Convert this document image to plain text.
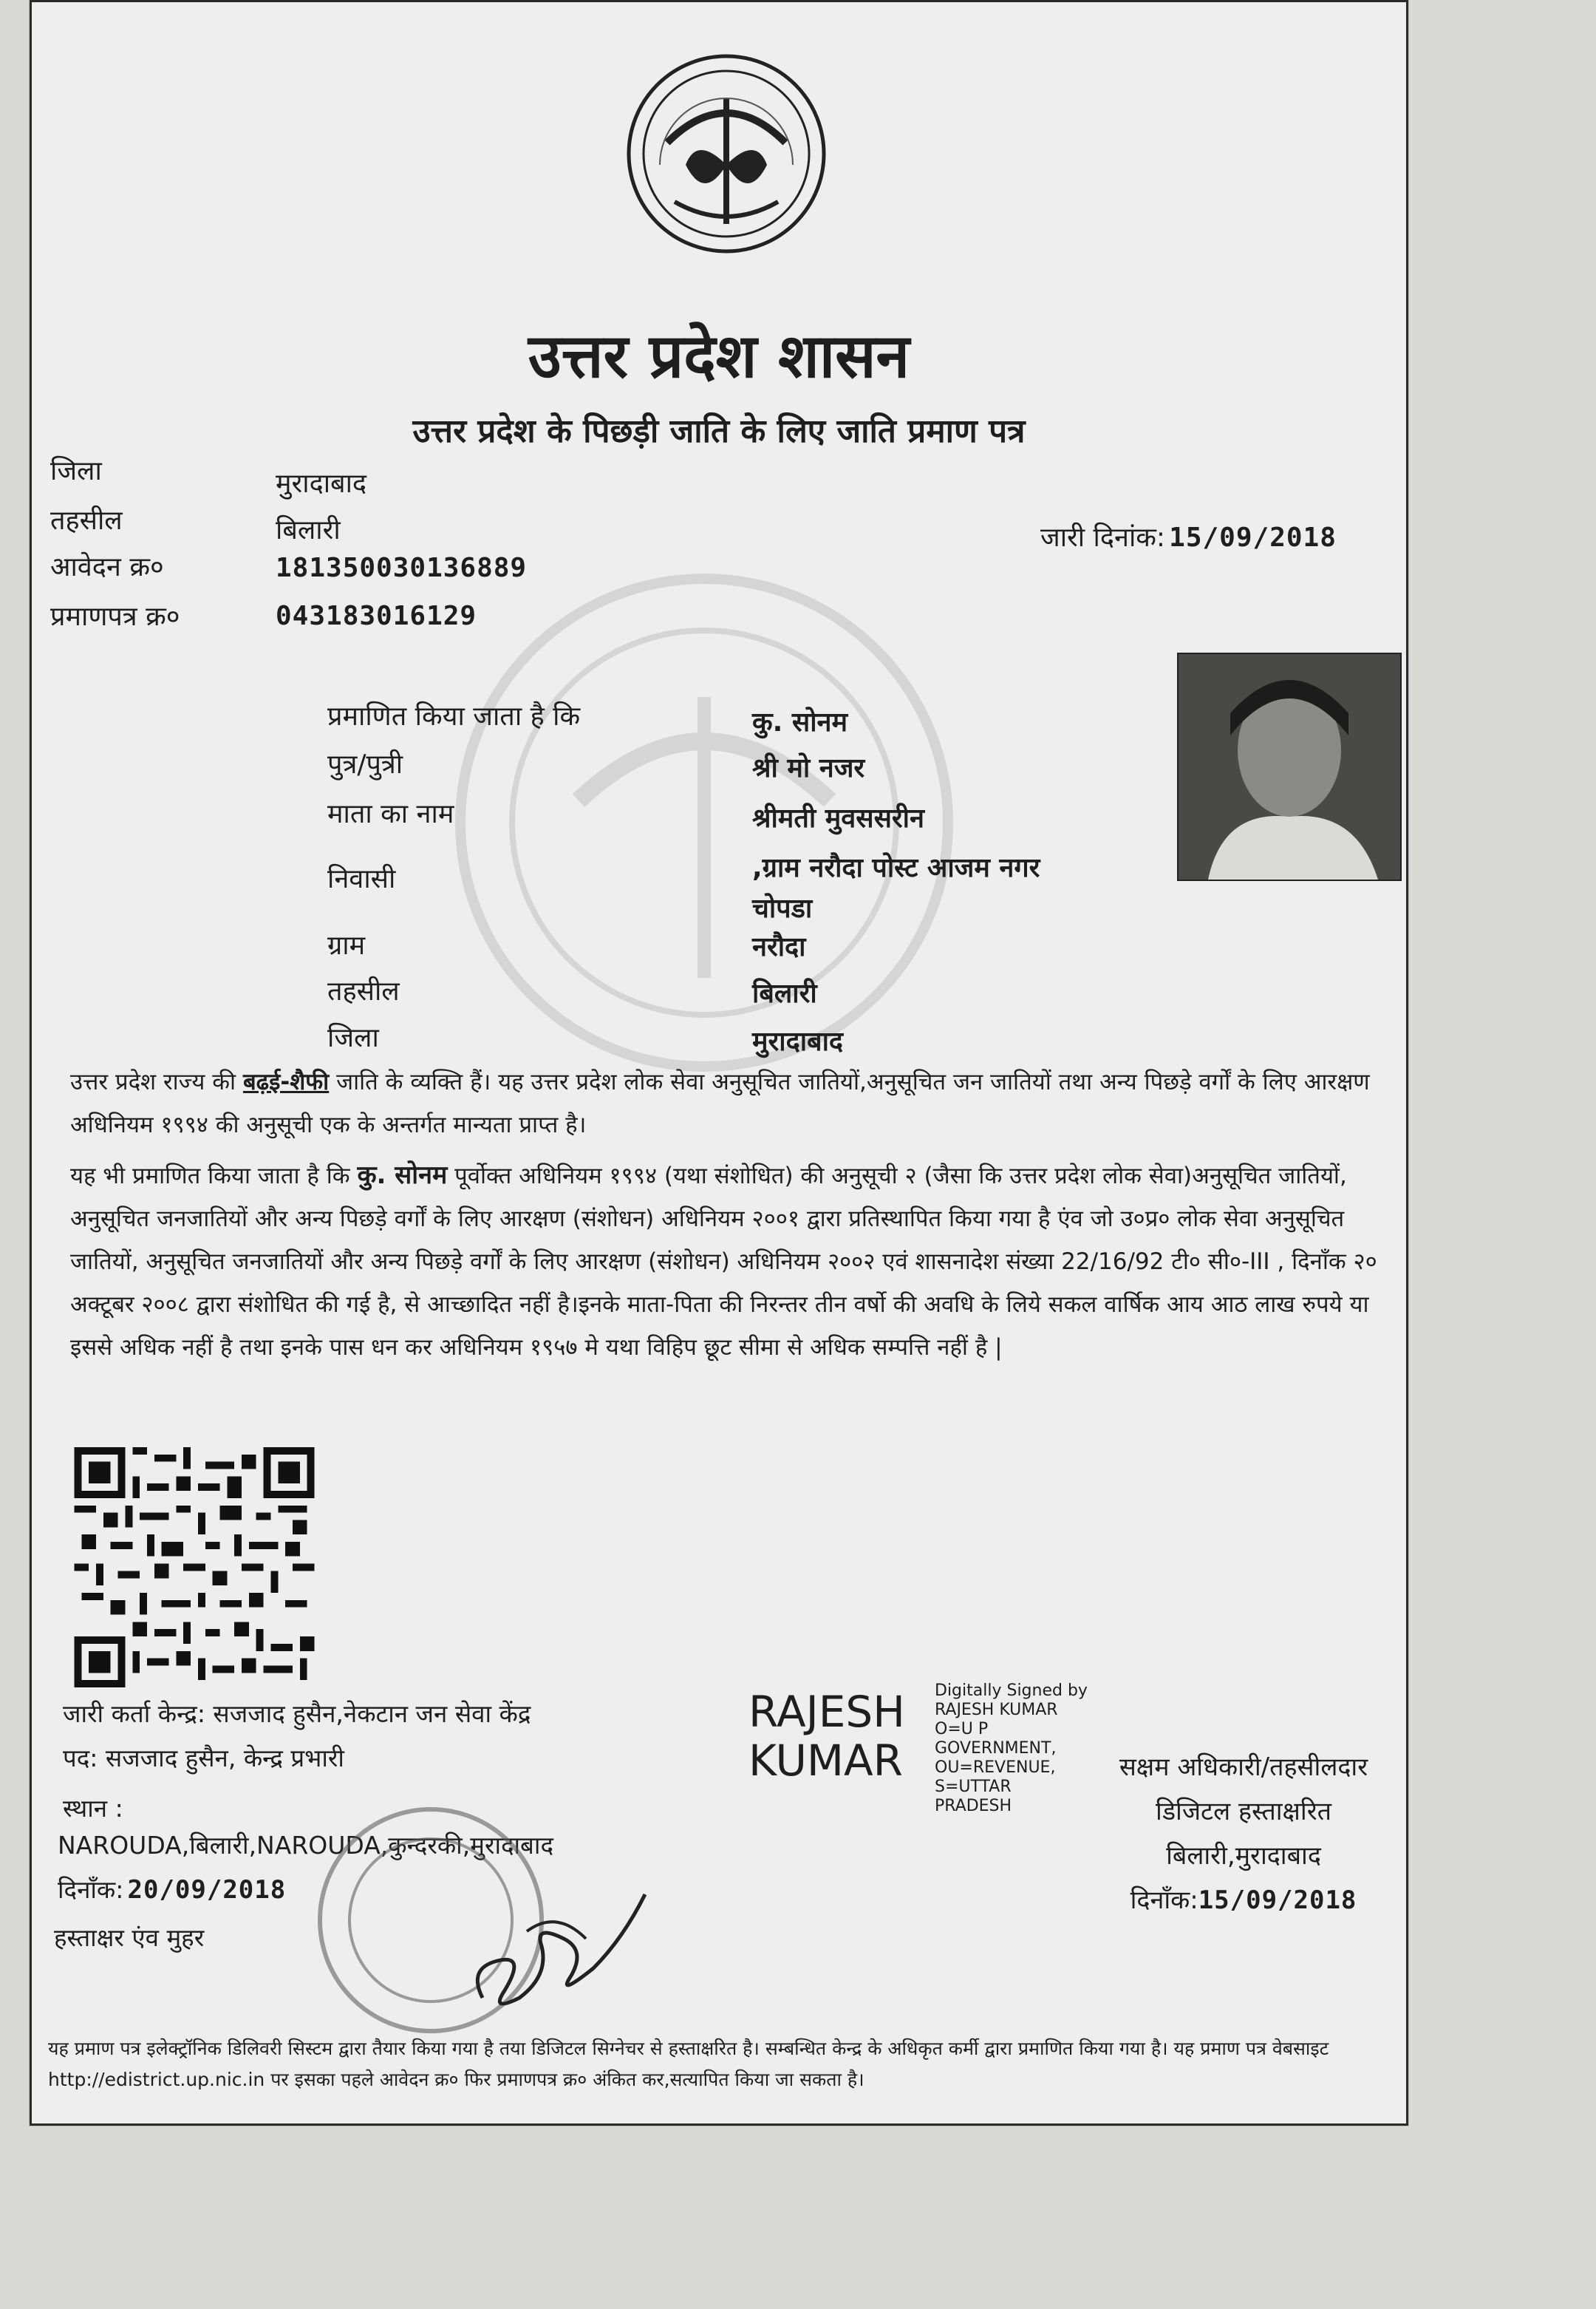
उत्तर प्रदेश शासन
उत्तर प्रदेश के पिछड़ी जाति के लिए जाति प्रमाण पत्र
जिला	मुरादाबाद
तहसील	बिलारी
आवेदन क्र०	181350030136889
प्रमाणपत्र क्र०	043183016129
जारी दिनांक: 15/09/2018
प्रमाणित किया जाता है कि	कु. सोनम
पुत्र/पुत्री	श्री मो नजर
माता का नाम	श्रीमती मुवससरीन
निवासी	,ग्राम नरौदा पोस्ट आजम नगर
चोपडा
ग्राम	नरौदा
तहसील	बिलारी
जिला	मुरादाबाद
उत्तर प्रदेश राज्य की बढ़ई-शैफी जाति के व्यक्ति हैं। यह उत्तर प्रदेश लोक सेवा अनुसूचित जातियों,अनुसूचित जन जातियों तथा अन्य पिछड़े वर्गों के लिए आरक्षण अधिनियम १९९४ की अनुसूची एक के अन्तर्गत मान्यता प्राप्त है।
यह भी प्रमाणित किया जाता है कि कु. सोनम पूर्वोक्त अधिनियम १९९४ (यथा संशोधित) की अनुसूची २ (जैसा कि उत्तर प्रदेश लोक सेवा)अनुसूचित जातियों, अनुसूचित जनजातियों और अन्य पिछड़े वर्गों के लिए आरक्षण (संशोधन) अधिनियम २००१ द्वारा प्रतिस्थापित किया गया है एंव जो उ०प्र० लोक सेवा अनुसूचित जातियों, अनुसूचित जनजातियों और अन्य पिछड़े वर्गों के लिए आरक्षण (संशोधन) अधिनियम २००२ एवं शासनादेश संख्या 22/16/92 टी० सी०-III , दिनाँक २० अक्टूबर २००८ द्वारा संशोधित की गई है, से आच्छादित नहीं है।इनके माता-पिता की निरन्तर तीन वर्षो की अवधि के लिये सकल वार्षिक आय आठ लाख रुपये या इससे अधिक नहीं है तथा इनके पास धन कर अधिनियम १९५७ मे यथा विहिप छूट सीमा से अधिक सम्पत्ति नहीं है |
जारी कर्ता केन्द्र: सजजाद हुसैन,नेकटान जन सेवा केंद्र
पद: सजजाद हुसैन, केन्द्र प्रभारी
स्थान :
NAROUDA,बिलारी,NAROUDA,कुन्दरकी,मुरादाबाद
दिनाँक: 20/09/2018
हस्ताक्षर एंव मुहर
RAJESH
KUMAR
Digitally Signed by
RAJESH KUMAR
O=U P
GOVERNMENT,
OU=REVENUE,
S=UTTAR
PRADESH
सक्षम अधिकारी/तहसीलदार
डिजिटल हस्ताक्षरित
बिलारी,मुरादाबाद
दिनाँक:15/09/2018
यह प्रमाण पत्र इलेक्ट्रॉनिक डिलिवरी सिस्टम द्वारा तैयार किया गया है तया डिजिटल सिग्नेचर से हस्ताक्षरित है। सम्बन्धित केन्द्र के अधिकृत कर्मी द्वारा प्रमाणित किया गया है। यह प्रमाण पत्र वेबसाइट http://edistrict.up.nic.in पर इसका पहले आवेदन क्र० फिर प्रमाणपत्र क्र० अंकित कर,सत्यापित किया जा सकता है।
